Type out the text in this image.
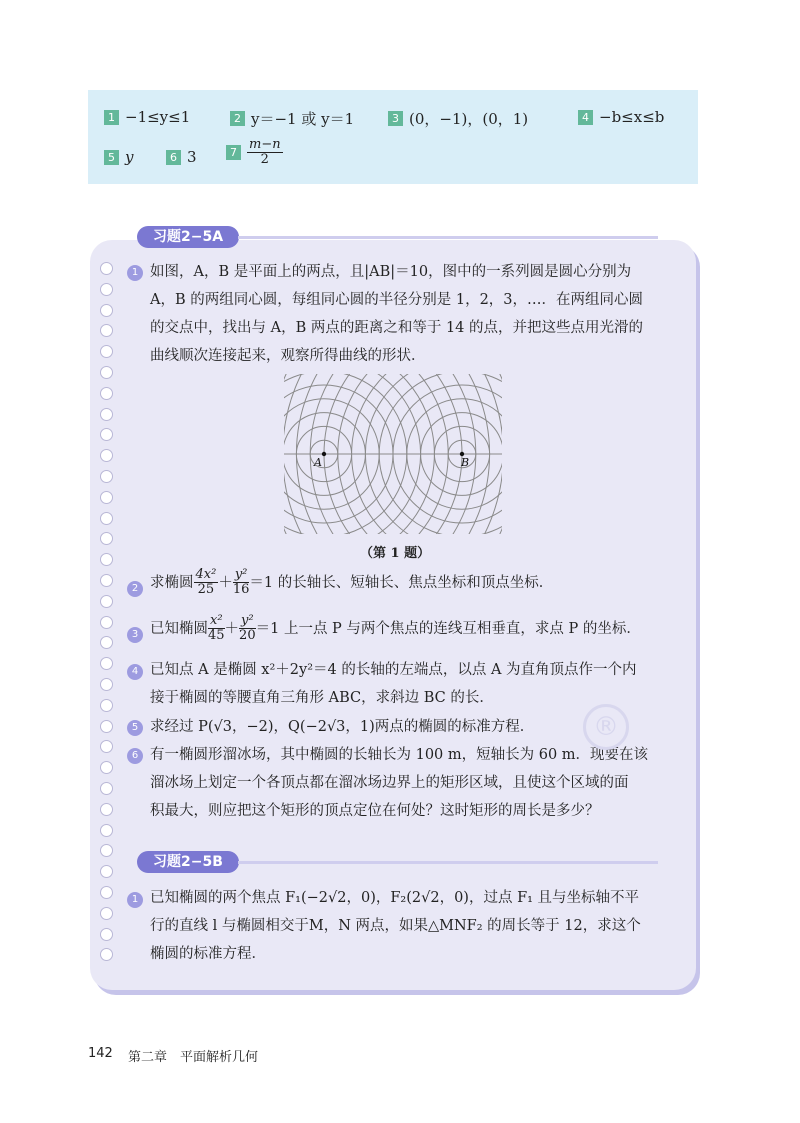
1 −1≤y≤1	2 y＝−1 或 y＝1	3 (0，−1)，(0，1)	4 −b≤x≤b
5 y	6 3	$7 \frac{m-n}{2}$
习题2−5A
1 如图，A，B 是平面上的两点，且|AB|＝10，图中的一系列圆是圆心分别为
A，B 的两组同心圆，每组同心圆的半径分别是 1，2，3，…．在两组同心圆
的交点中，找出与 A，B 两点的距离之和等于 14 的点，并把这些点用光滑的
曲线顺次连接起来，观察所得曲线的形状．
A	B
（第 1 题）
2 求椭圆 $\frac{\text{4x²}}{25} + \frac{\text{y²}}{16} =1$ 的长轴长、短轴长、焦点坐标和顶点坐标．
3 已知椭圆 $\frac{\text{x²}}{45} + \frac{\text{y²}}{20} =1$ 上一点 P 与两个焦点的连线互相垂直，求点 P 的坐标．
4 已知点 A 是椭圆 x²＋2y²＝4 的长轴的左端点，以点 A 为直角顶点作一个内
接于椭圆的等腰直角三角形 ABC，求斜边 BC 的长．
5 求经过 P(√3，−2)，Q(−2√3，1)两点的椭圆的标准方程．
6 有一椭圆形溜冰场，其中椭圆的长轴长为 100 m，短轴长为 60 m．现要在该
溜冰场上划定一个各顶点都在溜冰场边界上的矩形区域，且使这个区域的面
积最大，则应把这个矩形的顶点定位在何处？这时矩形的周长是多少？
®
习题2−5B
1 已知椭圆的两个焦点 F₁(−2√2，0)，F₂(2√2，0)，过点 F₁ 且与坐标轴不平
行的直线 l 与椭圆相交于M，N 两点，如果△MNF₂ 的周长等于 12，求这个
椭圆的标准方程．
142 第二章　平面解析几何
